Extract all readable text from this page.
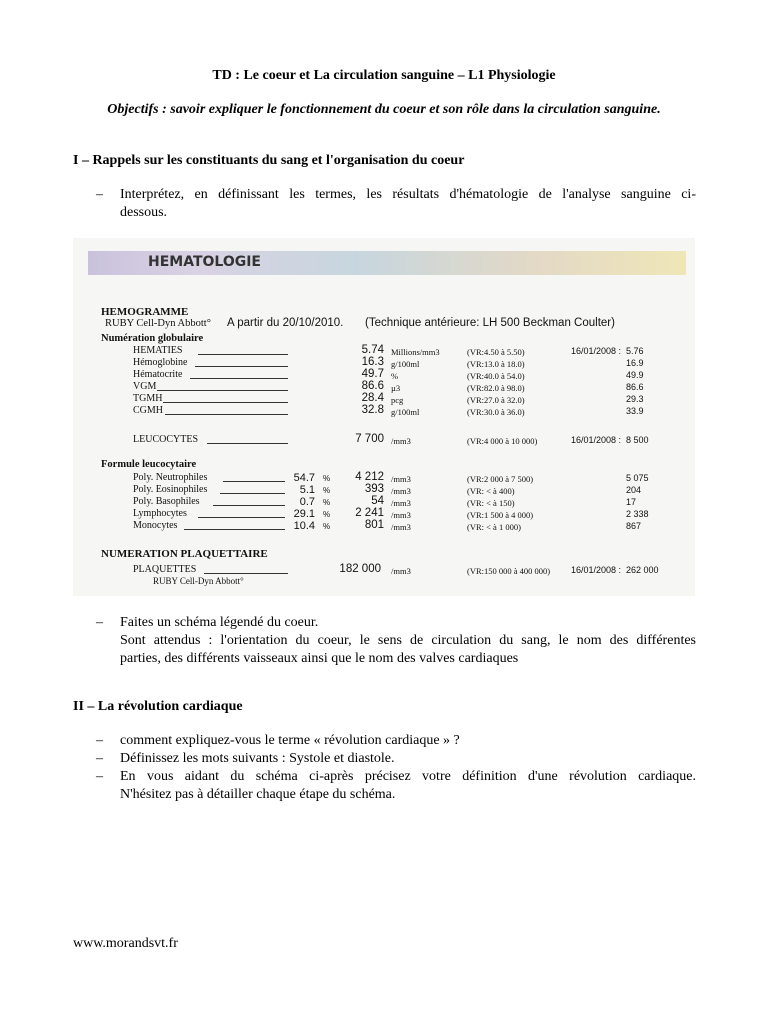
TD : Le coeur et La circulation sanguine – L1 Physiologie
Objectifs : savoir expliquer le fonctionnement du coeur et son rôle dans la circulation sanguine.
I – Rappels sur les constituants du sang et l'organisation du coeur
– Interprétez, en définissant les termes, les résultats d'hématologie de l'analyse sanguine ci-
dessous.
HEMATOLOGIE
HEMOGRAMME
RUBY Cell-Dyn Abbott° A partir du 20/10/2010. (Technique antérieure: LH 500 Beckman Coulter)
Numération globulaire
HEMATIES	5.74 Millions/mm3	(VR:4.50 à 5.50)	16/01/2008 : 5.76
Hémoglobine	16.3 g/100ml	(VR:13.0 à 18.0)	16.9
Hématocrite	49.7 %	(VR:40.0 à 54.0)	49.9
VGM	86.6 µ3	(VR:82.0 à 98.0)	86.6
TGMH	28.4 pcg	(VR:27.0 à 32.0)	29.3
CGMH	32.8 g/100ml	(VR:30.0 à 36.0)	33.9
LEUCOCYTES	7 700 /mm3	(VR:4 000 à 10 000)	16/01/2008 : 8 500
Formule leucocytaire
Poly. Neutrophiles	54.7 %	4 212 /mm3	(VR:2 000 à 7 500)	5 075
Poly. Eosinophiles	5.1 %	393 /mm3	(VR: < à 400)	204
Poly. Basophiles	0.7 %	54 /mm3	(VR: < à 150)	17
Lymphocytes	29.1 %	2 241 /mm3	(VR:1 500 à 4 000)	2 338
Monocytes	10.4 %	801 /mm3	(VR: < à 1 000)	867
NUMERATION PLAQUETTAIRE
PLAQUETTES	182 000 /mm3	(VR:150 000 à 400 000) 16/01/2008 : 262 000
RUBY Cell-Dyn Abbott°
– Faites un schéma légendé du coeur.
Sont attendus : l'orientation du coeur, le sens de circulation du sang, le nom des différentes
parties, des différents vaisseaux ainsi que le nom des valves cardiaques
II – La révolution cardiaque
– comment expliquez-vous le terme « révolution cardiaque » ?
– Définissez les mots suivants : Systole et diastole.
– En vous aidant du schéma ci-après précisez votre définition d'une révolution cardiaque.
N'hésitez pas à détailler chaque étape du schéma.
www.morandsvt.fr
